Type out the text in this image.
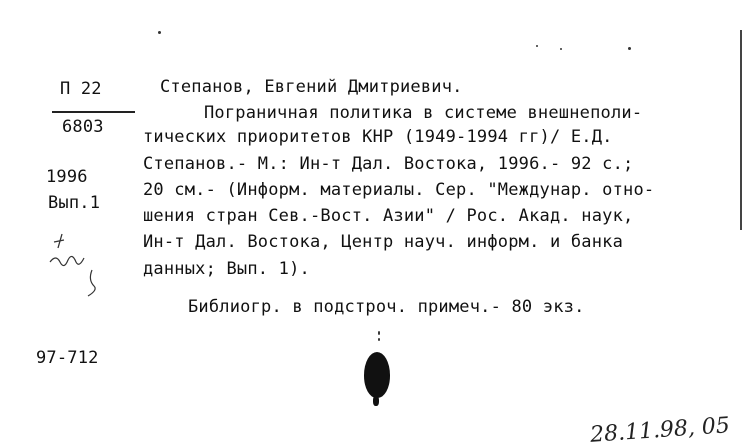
П 22
6803
1996
Вып.1
97-712
Степанов, Евгений Дмитриевич.
Пограничная политика в системе внешнеполи-
тических приоритетов КНР (1949-1994 гг)/ Е.Д.
Степанов.- М.: Ин-т Дал. Востока, 1996.- 92 с.;
20 см.- (Информ. материалы. Сер. "Междунар. отно-
шения стран Сев.-Вост. Азии" / Рос. Акад. наук,
Ин-т Дал. Востока, Центр науч. информ. и банка
данных; Вып. 1).
Библиогр. в подстроч. примеч.- 80 экз.
28.11.98, 05
